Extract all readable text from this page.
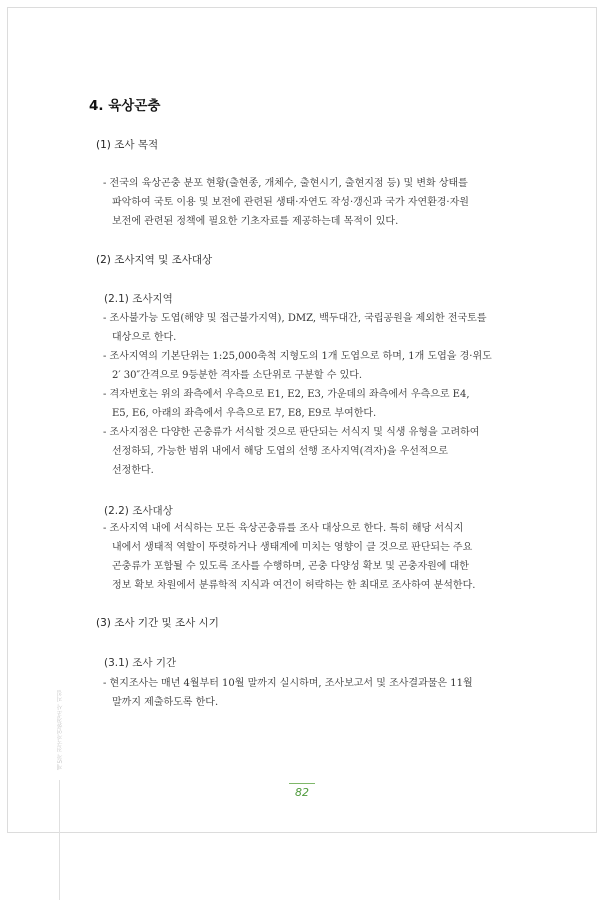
4. 육상곤충
(1) 조사 목적
- 전국의 육상곤충 분포 현황(출현종, 개체수, 출현시기, 출현지점 등) 및 변화 상태를
파악하여 국토 이용 및 보전에 관련된 생태·자연도 작성·갱신과 국가 자연환경·자원
보전에 관련된 정책에 필요한 기초자료를 제공하는데 목적이 있다.
(2) 조사지역 및 조사대상
(2.1) 조사지역
- 조사불가능 도엽(해양 및 접근불가지역), DMZ, 백두대간, 국립공원을 제외한 전국토를
대상으로 한다.
- 조사지역의 기본단위는 1:25,000축척 지형도의 1개 도엽으로 하며, 1개 도엽을 경·위도
2′ 30″간격으로 9등분한 격자를 소단위로 구분할 수 있다.
- 격자번호는 위의 좌측에서 우측으로 E1, E2, E3, 가운데의 좌측에서 우측으로 E4,
E5, E6, 아래의 좌측에서 우측으로 E7, E8, E9로 부여한다.
- 조사지점은 다양한 곤충류가 서식할 것으로 판단되는 서식지 및 식생 유형을 고려하여
선정하되, 가능한 범위 내에서 해당 도엽의 선행 조사지역(격자)을 우선적으로
선정한다.
(2.2) 조사대상
- 조사지역 내에 서식하는 모든 육상곤충류를 조사 대상으로 한다. 특히 해당 서식지
내에서 생태적 역할이 뚜렷하거나 생태계에 미치는 영향이 클 것으로 판단되는 주요
곤충류가 포함될 수 있도록 조사를 수행하며, 곤충 다양성 확보 및 곤충자원에 대한
정보 확보 차원에서 분류학적 지식과 여건이 허락하는 한 최대로 조사하여 분석한다.
(3) 조사 기간 및 조사 시기
(3.1) 조사 기간
- 현지조사는 매년 4월부터 10월 말까지 실시하며, 조사보고서 및 조사결과물은 11월
말까지 제출하도록 한다.
제5차 전국자연환경조사 지침
82
